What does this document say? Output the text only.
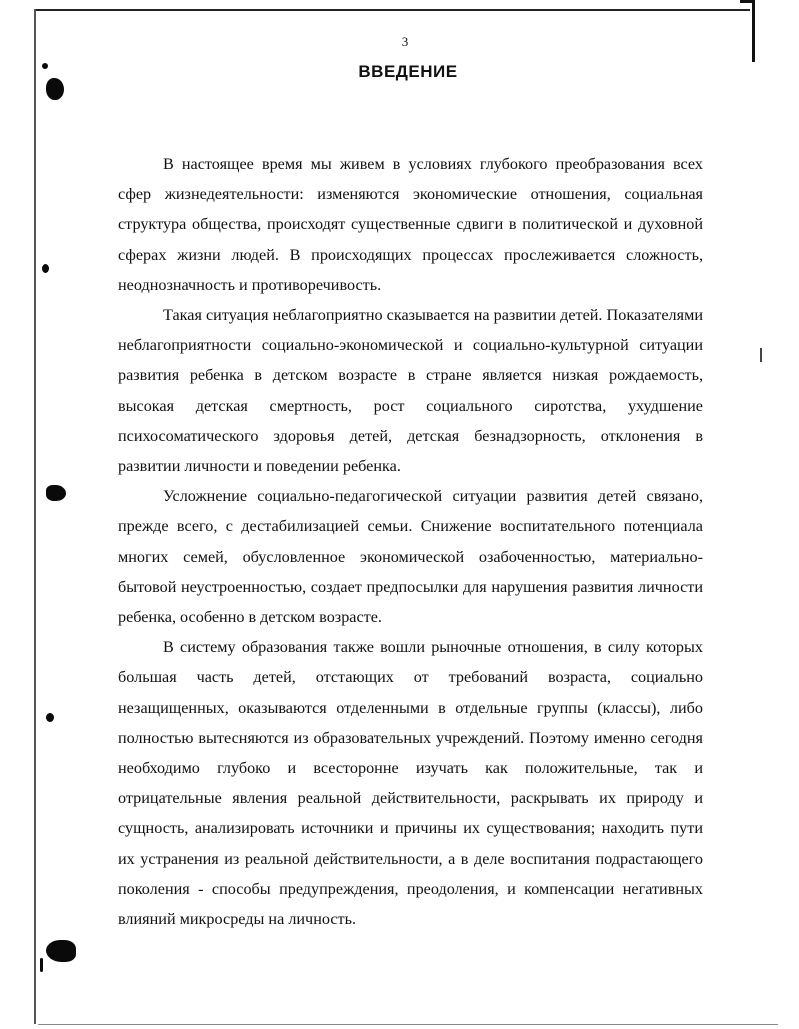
3
ВВЕДЕНИЕ

В настоящее время мы живем в условиях глубокого преобразования всех сфер жизнедеятельности: изменяются экономические отношения, социальная структура общества, происходят существенные сдвиги в политической и духовной сферах жизни людей. В происходящих процессах прослеживается сложность, неоднозначность и противоречивость.

Такая ситуация неблагоприятно сказывается на развитии детей. Показателями неблагоприятности социально-экономической и социально-культурной ситуации развития ребенка в детском возрасте в стране является низкая рождаемость, высокая детская смертность, рост социального сиротства, ухудшение психосоматического здоровья детей, детская безнадзорность, отклонения в развитии личности и поведении ребенка.

Усложнение социально-педагогической ситуации развития детей связано, прежде всего, с дестабилизацией семьи. Снижение воспитательного потенциала многих семей, обусловленное экономической озабоченностью, материально-бытовой неустроенностью, создает предпосылки для нарушения развития личности ребенка, особенно в детском возрасте.

В систему образования также вошли рыночные отношения, в силу которых большая часть детей, отстающих от требований возраста, социально незащищенных, оказываются отделенными в отдельные группы (классы), либо полностью вытесняются из образовательных учреждений. Поэтому именно сегодня необходимо глубоко и всесторонне изучать как положительные, так и отрицательные явления реальной действительности, раскрывать их природу и сущность, анализировать источники и причины их существования; находить пути их устранения из реальной действительности, а в деле воспитания подрастающего поколения - способы предупреждения, преодоления, и компенсации негативных влияний микросреды на личность.
